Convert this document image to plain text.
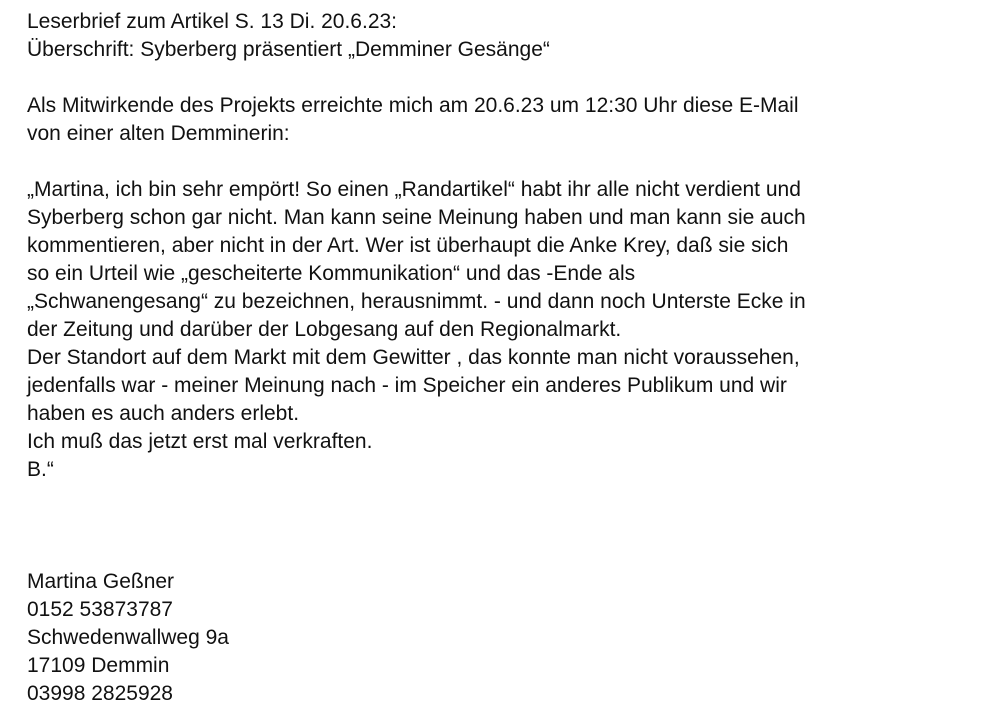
Leserbrief zum Artikel S. 13 Di. 20.6.23:
Überschrift: Syberberg präsentiert „Demminer Gesänge“
Als Mitwirkende des Projekts erreichte mich am 20.6.23 um 12:30 Uhr diese E-Mail
von einer alten Demminerin:
„Martina, ich bin sehr empört! So einen „Randartikel“ habt ihr alle nicht verdient und
Syberberg schon gar nicht. Man kann seine Meinung haben und man kann sie auch
kommentieren, aber nicht in der Art. Wer ist überhaupt die Anke Krey, daß sie sich
so ein Urteil wie „gescheiterte Kommunikation“ und das -Ende als
„Schwanengesang“ zu bezeichnen, herausnimmt. - und dann noch Unterste Ecke in
der Zeitung und darüber der Lobgesang auf den Regionalmarkt.
Der Standort auf dem Markt mit dem Gewitter , das konnte man nicht voraussehen,
jedenfalls war - meiner Meinung nach - im Speicher ein anderes Publikum und wir
haben es auch anders erlebt.
Ich muß das jetzt erst mal verkraften.
B.“
Martina Geßner
0152 53873787
Schwedenwallweg 9a
17109 Demmin
03998 2825928
